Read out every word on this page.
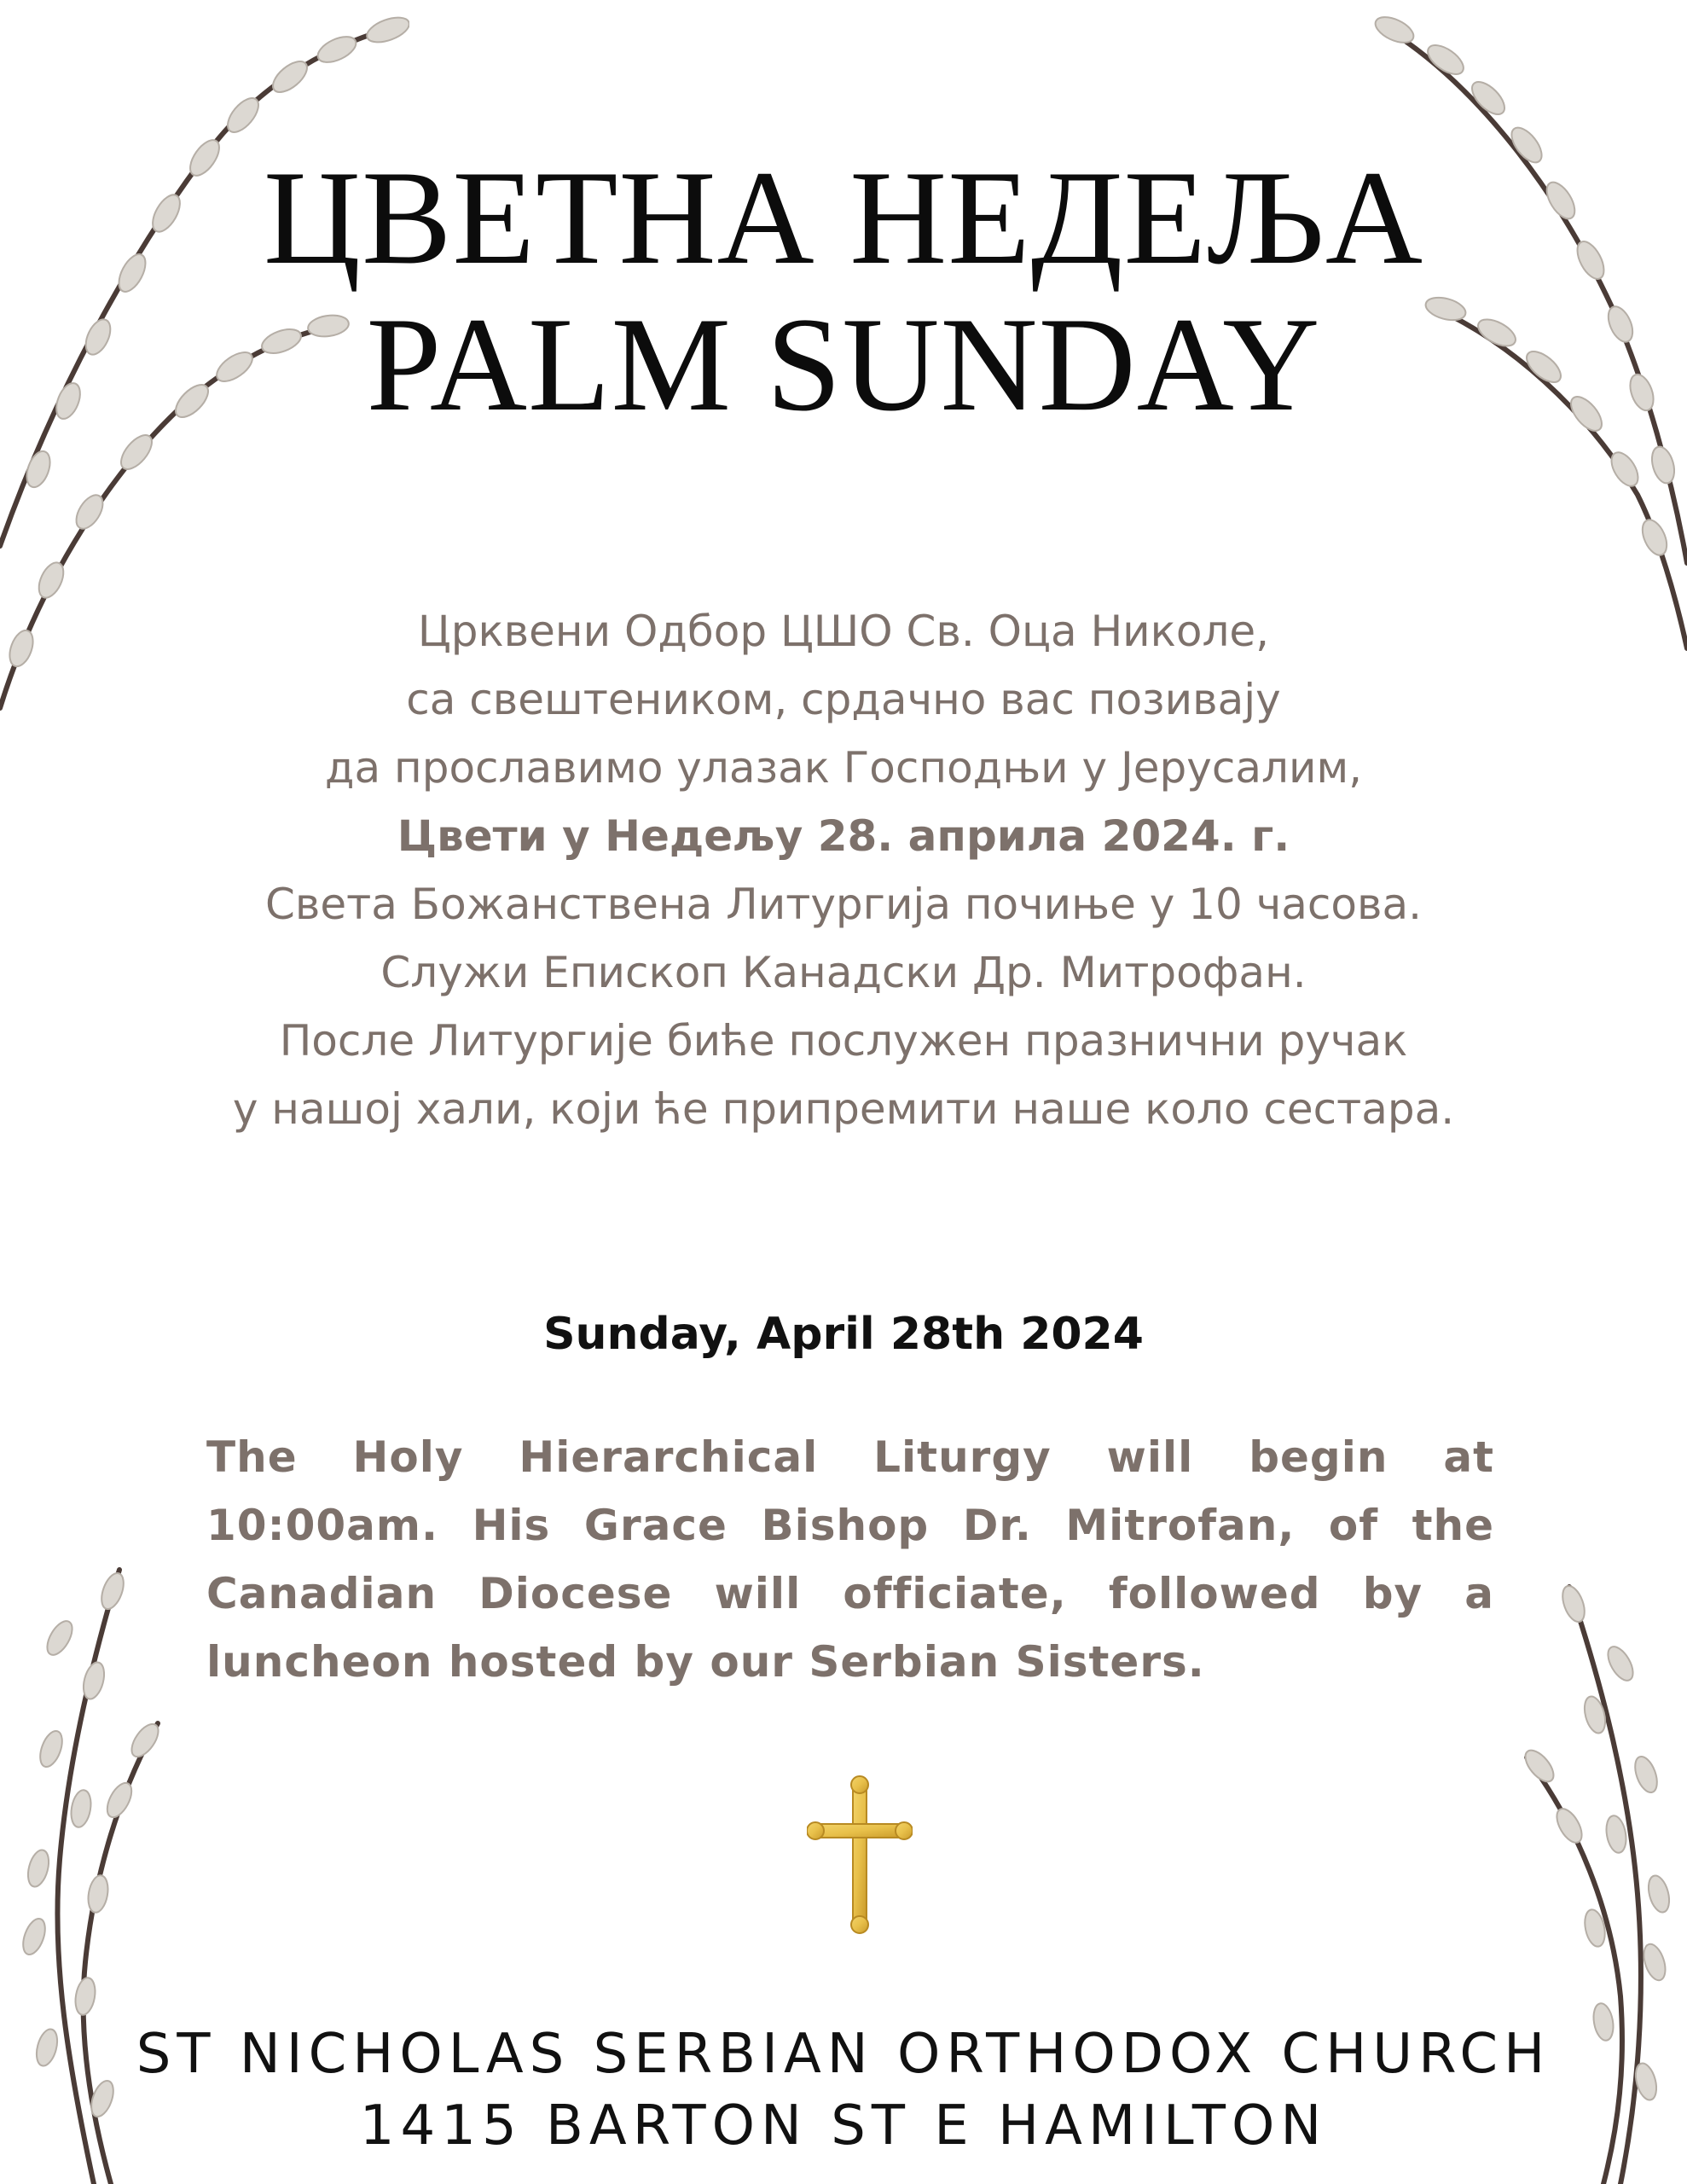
ЦВЕТНА НЕДЕЉА
PALM SUNDAY
Црквени Одбор ЦШО Св. Оца Николе,
са свештеником, срдачно вас позивају
да прославимо улазак Господњи у Јерусалим,
Цвети у Недељу 28. априла 2024. г.
Света Божанствена Литургија почиње у 10 часова.
Служи Епископ Канадски Др. Митрофан.
После Литургије биће послужен празнични ручак
у нашој хали, који ће припремити наше коло сестара.
Sunday, April 28th 2024
The Holy Hierarchical Liturgy will begin at 10:00am. His Grace Bishop Dr. Mitrofan, of the Canadian Diocese will officiate, followed by a luncheon hosted by our Serbian Sisters.
ST NICHOLAS SERBIAN ORTHODOX CHURCH
1415 BARTON ST E HAMILTON
